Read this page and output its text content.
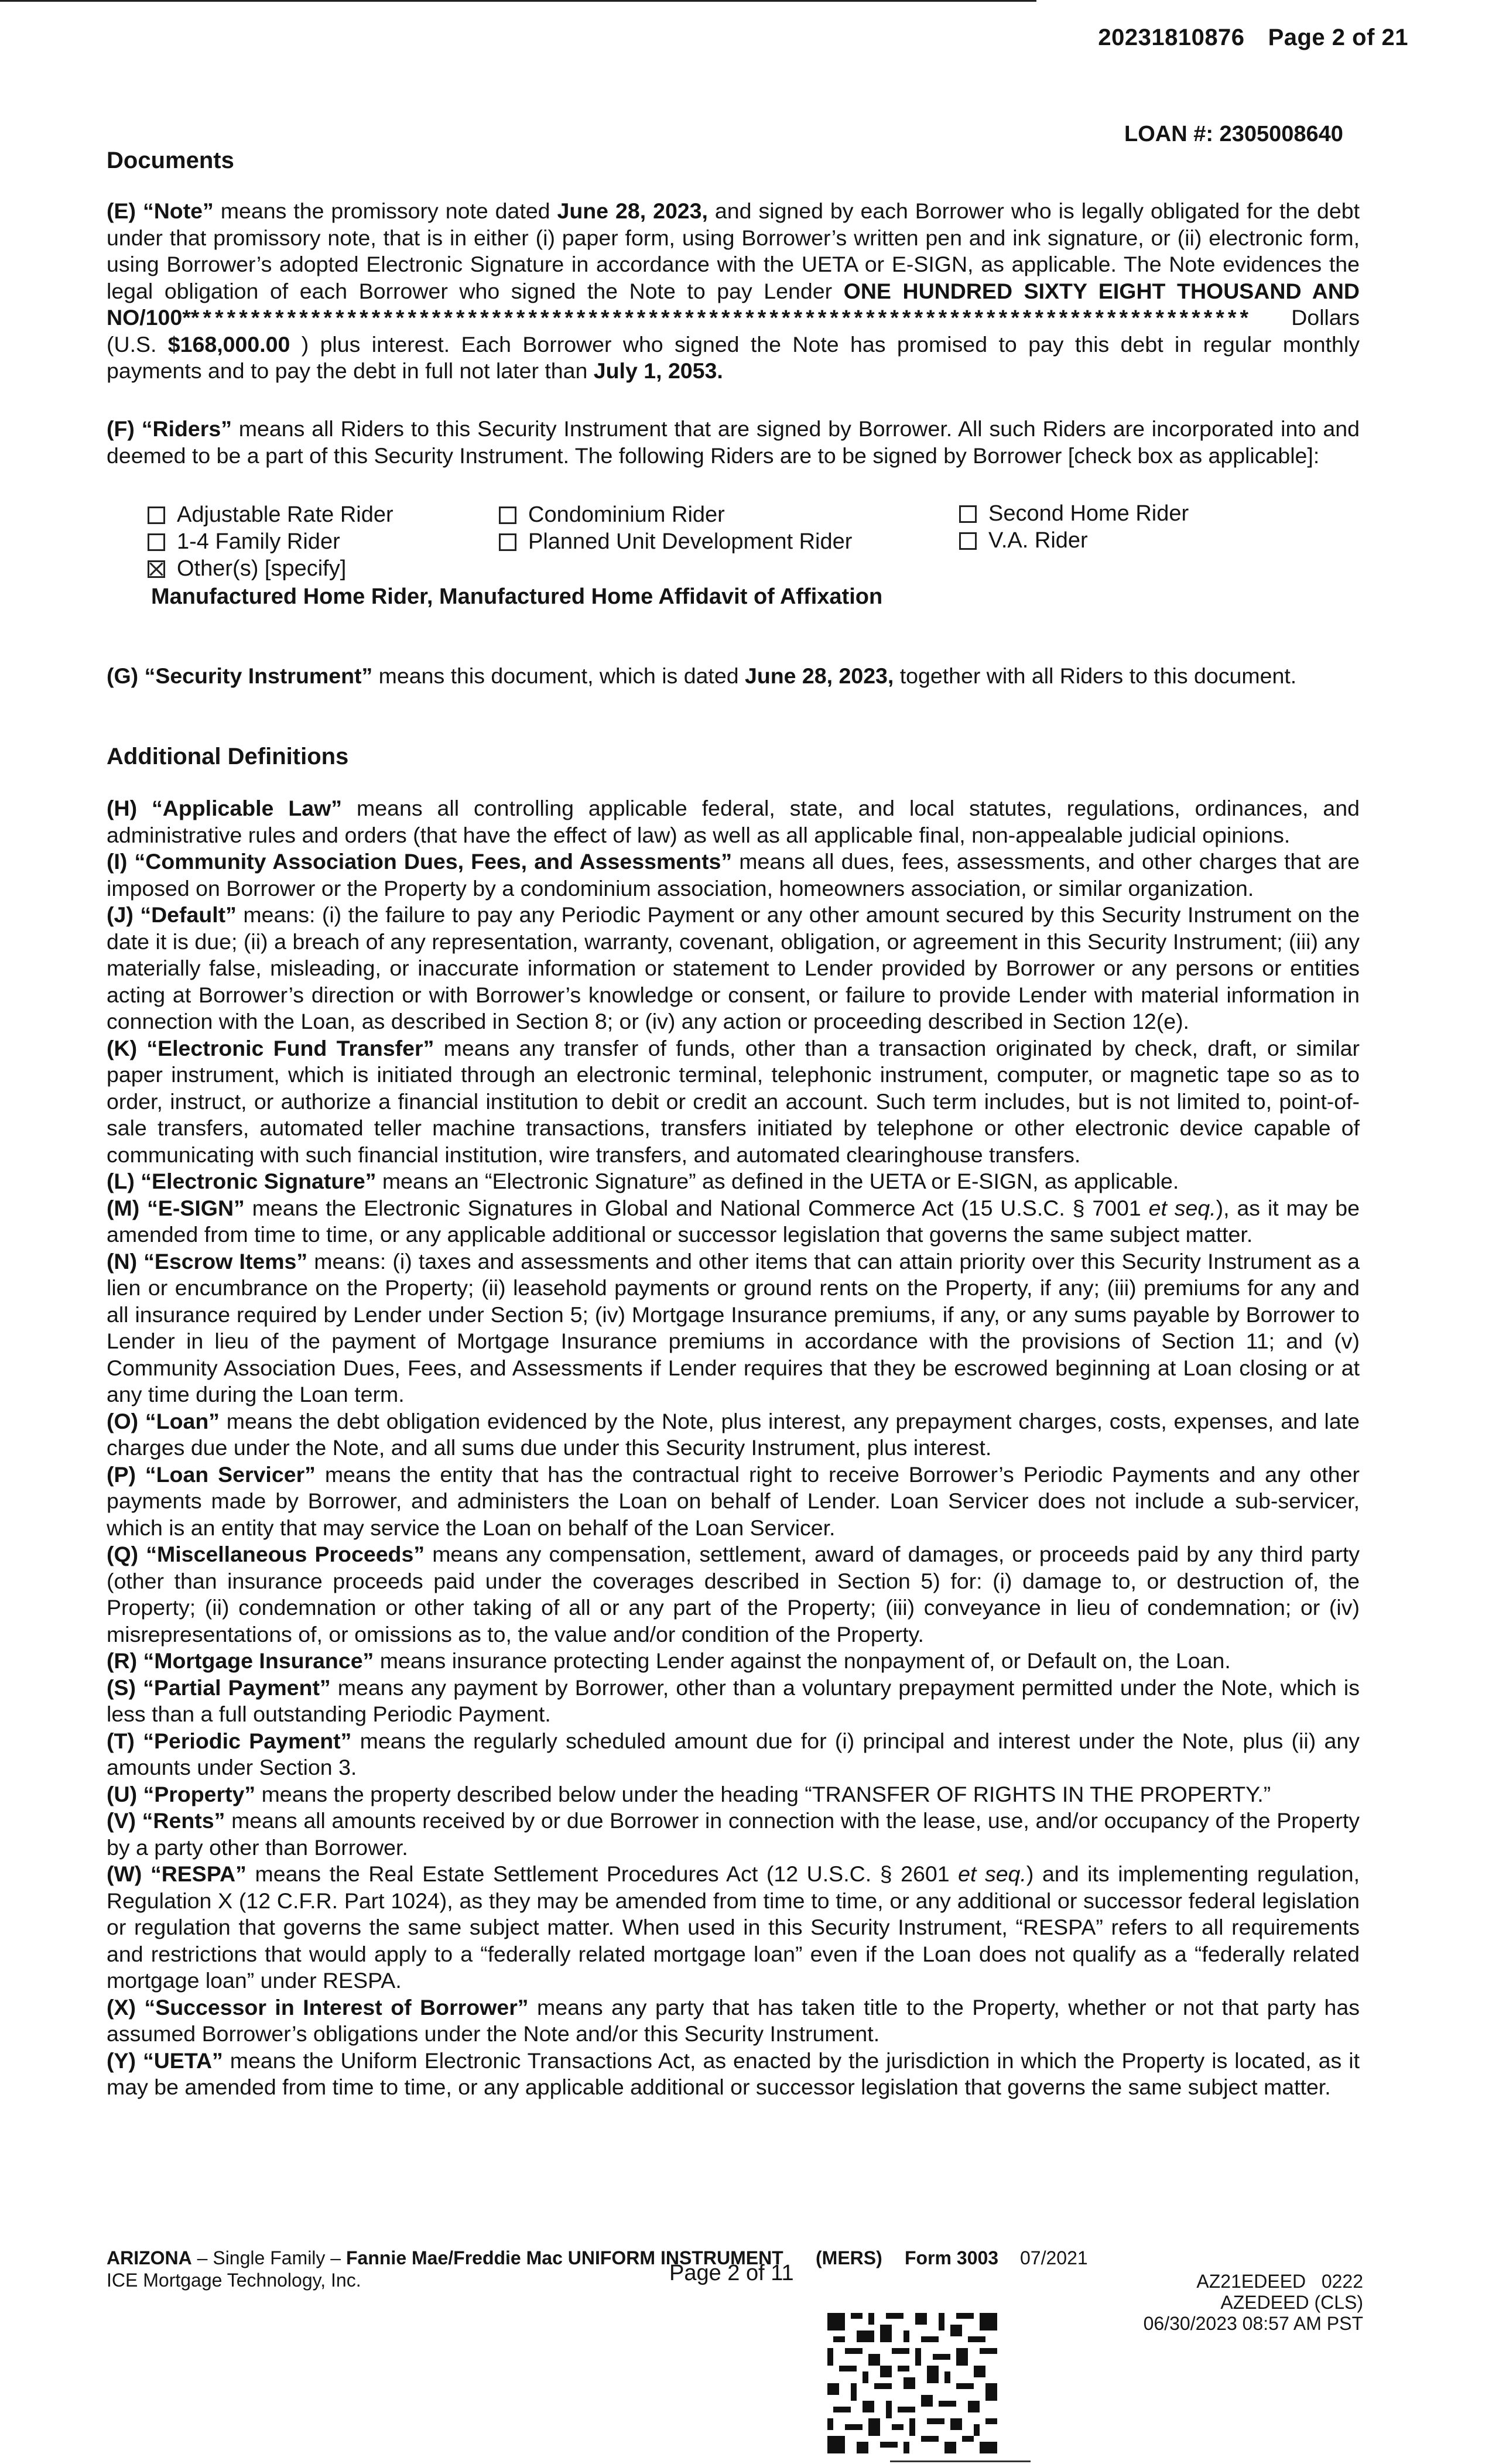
20231810876 Page 2 of 21
LOAN #: 2305008640
Documents
(E) “Note” means the promissory note dated June 28, 2023, and signed by each Borrower who is legally obligated for the debt under that promissory note, that is in either (i) paper form, using Borrower’s written pen and ink signature, or (ii) electronic form, using Borrower’s adopted Electronic Signature in accordance with the UETA or E-SIGN, as applicable. The Note evidences the legal obligation of each Borrower who signed the Note to pay Lender ONE HUNDRED SIXTY EIGHT THOUSAND AND NO/100***************************************************************************************** Dollars (U.S. $168,000.00 ) plus interest. Each Borrower who signed the Note has promised to pay this debt in regular monthly payments and to pay the debt in full not later than July 1, 2053.
(F) “Riders” means all Riders to this Security Instrument that are signed by Borrower. All such Riders are incorporated into and deemed to be a part of this Security Instrument. The following Riders are to be signed by Borrower [check box as applicable]:
Adjustable Rate Rider	Condominium Rider	Second Home Rider
1-4 Family Rider	Planned Unit Development Rider	V.A. Rider
Other(s) [specify]
Manufactured Home Rider, Manufactured Home Affidavit of Affixation
(G) “Security Instrument” means this document, which is dated June 28, 2023, together with all Riders to this document.
Additional Definitions
(H) “Applicable Law” means all controlling applicable federal, state, and local statutes, regulations, ordinances, and administrative rules and orders (that have the effect of law) as well as all applicable final, non-appealable judicial opinions.
(I) “Community Association Dues, Fees, and Assessments” means all dues, fees, assessments, and other charges that are imposed on Borrower or the Property by a condominium association, homeowners association, or similar organization.
(J) “Default” means: (i) the failure to pay any Periodic Payment or any other amount secured by this Security Instrument on the date it is due; (ii) a breach of any representation, warranty, covenant, obligation, or agreement in this Security Instrument; (iii) any materially false, misleading, or inaccurate information or statement to Lender provided by Borrower or any persons or entities acting at Borrower’s direction or with Borrower’s knowledge or consent, or failure to provide Lender with material information in connection with the Loan, as described in Section 8; or (iv) any action or proceeding described in Section 12(e).
(K) “Electronic Fund Transfer” means any transfer of funds, other than a transaction originated by check, draft, or similar paper instrument, which is initiated through an electronic terminal, telephonic instrument, computer, or magnetic tape so as to order, instruct, or authorize a financial institution to debit or credit an account. Such term includes, but is not limited to, point-of-sale transfers, automated teller machine transactions, transfers initiated by telephone or other electronic device capable of communicating with such financial institution, wire transfers, and automated clearinghouse transfers.
(L) “Electronic Signature” means an “Electronic Signature” as defined in the UETA or E-SIGN, as applicable.
(M) “E-SIGN” means the Electronic Signatures in Global and National Commerce Act (15 U.S.C. § 7001 et seq.), as it may be amended from time to time, or any applicable additional or successor legislation that governs the same subject matter.
(N) “Escrow Items” means: (i) taxes and assessments and other items that can attain priority over this Security Instrument as a lien or encumbrance on the Property; (ii) leasehold payments or ground rents on the Property, if any; (iii) premiums for any and all insurance required by Lender under Section 5; (iv) Mortgage Insurance premiums, if any, or any sums payable by Borrower to Lender in lieu of the payment of Mortgage Insurance premiums in accordance with the provisions of Section 11; and (v) Community Association Dues, Fees, and Assessments if Lender requires that they be escrowed beginning at Loan closing or at any time during the Loan term.
(O) “Loan” means the debt obligation evidenced by the Note, plus interest, any prepayment charges, costs, expenses, and late charges due under the Note, and all sums due under this Security Instrument, plus interest.
(P) “Loan Servicer” means the entity that has the contractual right to receive Borrower’s Periodic Payments and any other payments made by Borrower, and administers the Loan on behalf of Lender. Loan Servicer does not include a sub-servicer, which is an entity that may service the Loan on behalf of the Loan Servicer.
(Q) “Miscellaneous Proceeds” means any compensation, settlement, award of damages, or proceeds paid by any third party (other than insurance proceeds paid under the coverages described in Section 5) for: (i) damage to, or destruction of, the Property; (ii) condemnation or other taking of all or any part of the Property; (iii) conveyance in lieu of condemnation; or (iv) misrepresentations of, or omissions as to, the value and/or condition of the Property.
(R) “Mortgage Insurance” means insurance protecting Lender against the nonpayment of, or Default on, the Loan.
(S) “Partial Payment” means any payment by Borrower, other than a voluntary prepayment permitted under the Note, which is less than a full outstanding Periodic Payment.
(T) “Periodic Payment” means the regularly scheduled amount due for (i) principal and interest under the Note, plus (ii) any amounts under Section 3.
(U) “Property” means the property described below under the heading “TRANSFER OF RIGHTS IN THE PROPERTY.”
(V) “Rents” means all amounts received by or due Borrower in connection with the lease, use, and/or occupancy of the Property by a party other than Borrower.
(W) “RESPA” means the Real Estate Settlement Procedures Act (12 U.S.C. § 2601 et seq.) and its implementing regulation, Regulation X (12 C.F.R. Part 1024), as they may be amended from time to time, or any additional or successor federal legislation or regulation that governs the same subject matter. When used in this Security Instrument, “RESPA” refers to all requirements and restrictions that would apply to a “federally related mortgage loan” even if the Loan does not qualify as a “federally related mortgage loan” under RESPA.
(X) “Successor in Interest of Borrower” means any party that has taken title to the Property, whether or not that party has assumed Borrower’s obligations under the Note and/or this Security Instrument.
(Y) “UETA” means the Uniform Electronic Transactions Act, as enacted by the jurisdiction in which the Property is located, as it may be amended from time to time, or any applicable additional or successor legislation that governs the same subject matter.
ARIZONA – Single Family – Fannie Mae/Freddie Mac UNIFORM INSTRUMENT (MERS) Form 3003 07/2021
ICE Mortgage Technology, Inc.	Page 2 of 11	AZ21EDEED 0222
AZEDEED (CLS)
06/30/2023 08:57 AM PST
